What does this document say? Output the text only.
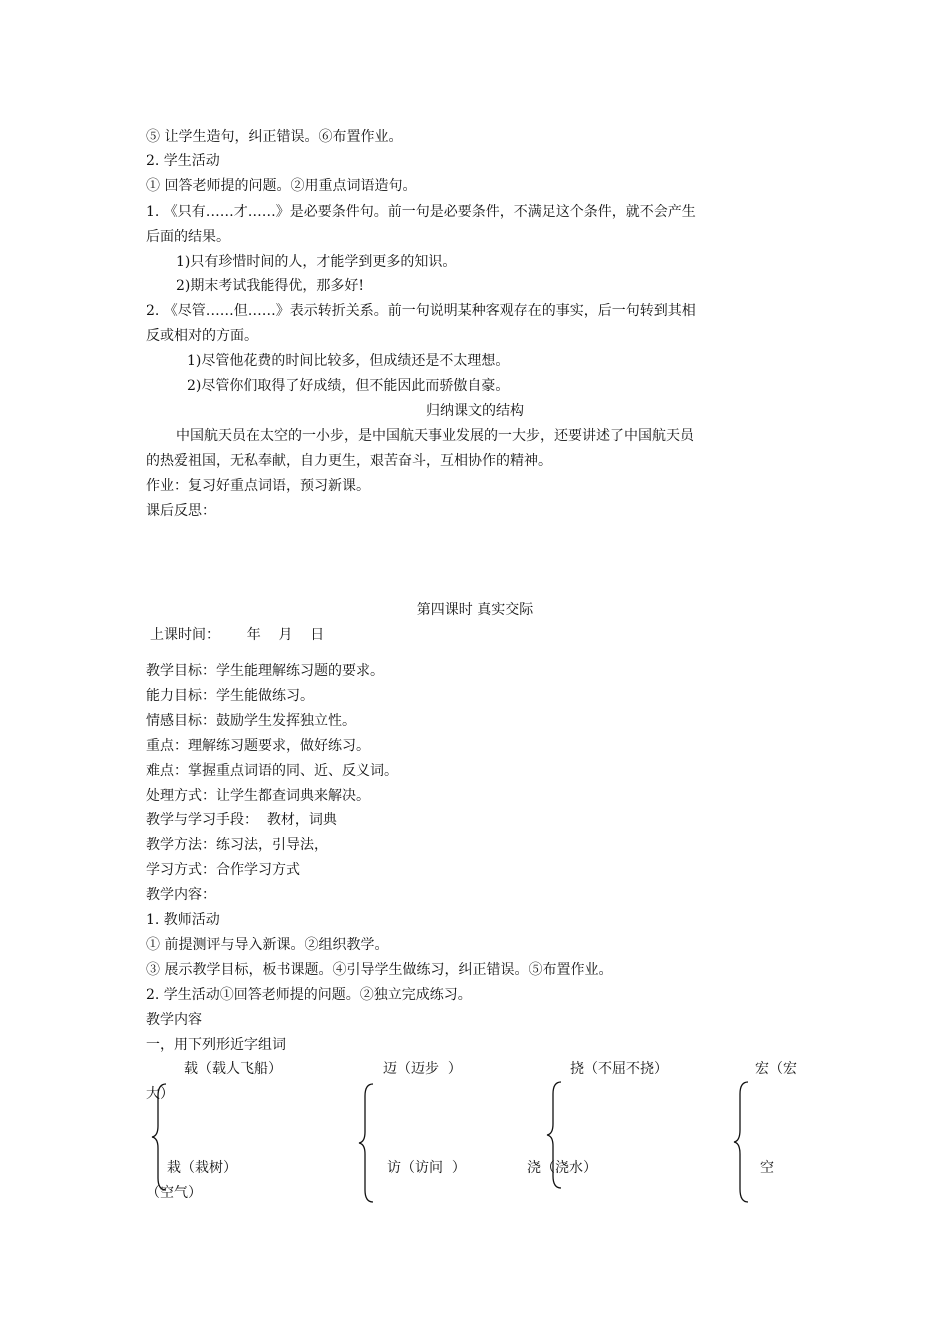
⑤ 让学生造句，纠正错误。⑥布置作业。
2. 学生活动
① 回答老师提的问题。②用重点词语造句。
1. 《只有……才……》是必要条件句。前一句是必要条件，不满足这个条件，就不会产生
后面的结果。
1)只有珍惜时间的人，才能学到更多的知识。
2)期末考试我能得优，那多好!
2. 《尽管……但……》表示转折关系。前一句说明某种客观存在的事实，后一句转到其相
反或相对的方面。
1)尽管他花费的时间比较多，但成绩还是不太理想。
2)尽管你们取得了好成绩，但不能因此而骄傲自豪。
归纳课文的结构
中国航天员在太空的一小步，是中国航天事业发展的一大步，还要讲述了中国航天员
的热爱祖国，无私奉献，自力更生，艰苦奋斗，互相协作的精神。
作业：复习好重点词语，预习新课。
课后反思：
第四课时 真实交际
上课时间：      年    月    日
教学目标：学生能理解练习题的要求。
能力目标：学生能做练习。
情感目标：鼓励学生发挥独立性。
重点：理解练习题要求，做好练习。
难点：掌握重点词语的同、近、反义词。
处理方式：让学生都查词典来解决。
教学与学习手段：  教材，词典
教学方法：练习法，引导法，
学习方式：合作学习方式
教学内容：
1. 教师活动
① 前提测评与导入新课。②组织教学。
③ 展示教学目标，板书课题。④引导学生做练习，纠正错误。⑤布置作业。
2. 学生活动①回答老师提的问题。②独立完成练习。
教学内容
一，用下列形近字组词
载（载人飞船）	迈（迈步  ）	挠（不屈不挠）	宏（宏
大）
栽（栽树）	访（访问  ）	浇（浇水）	空
（空气）
